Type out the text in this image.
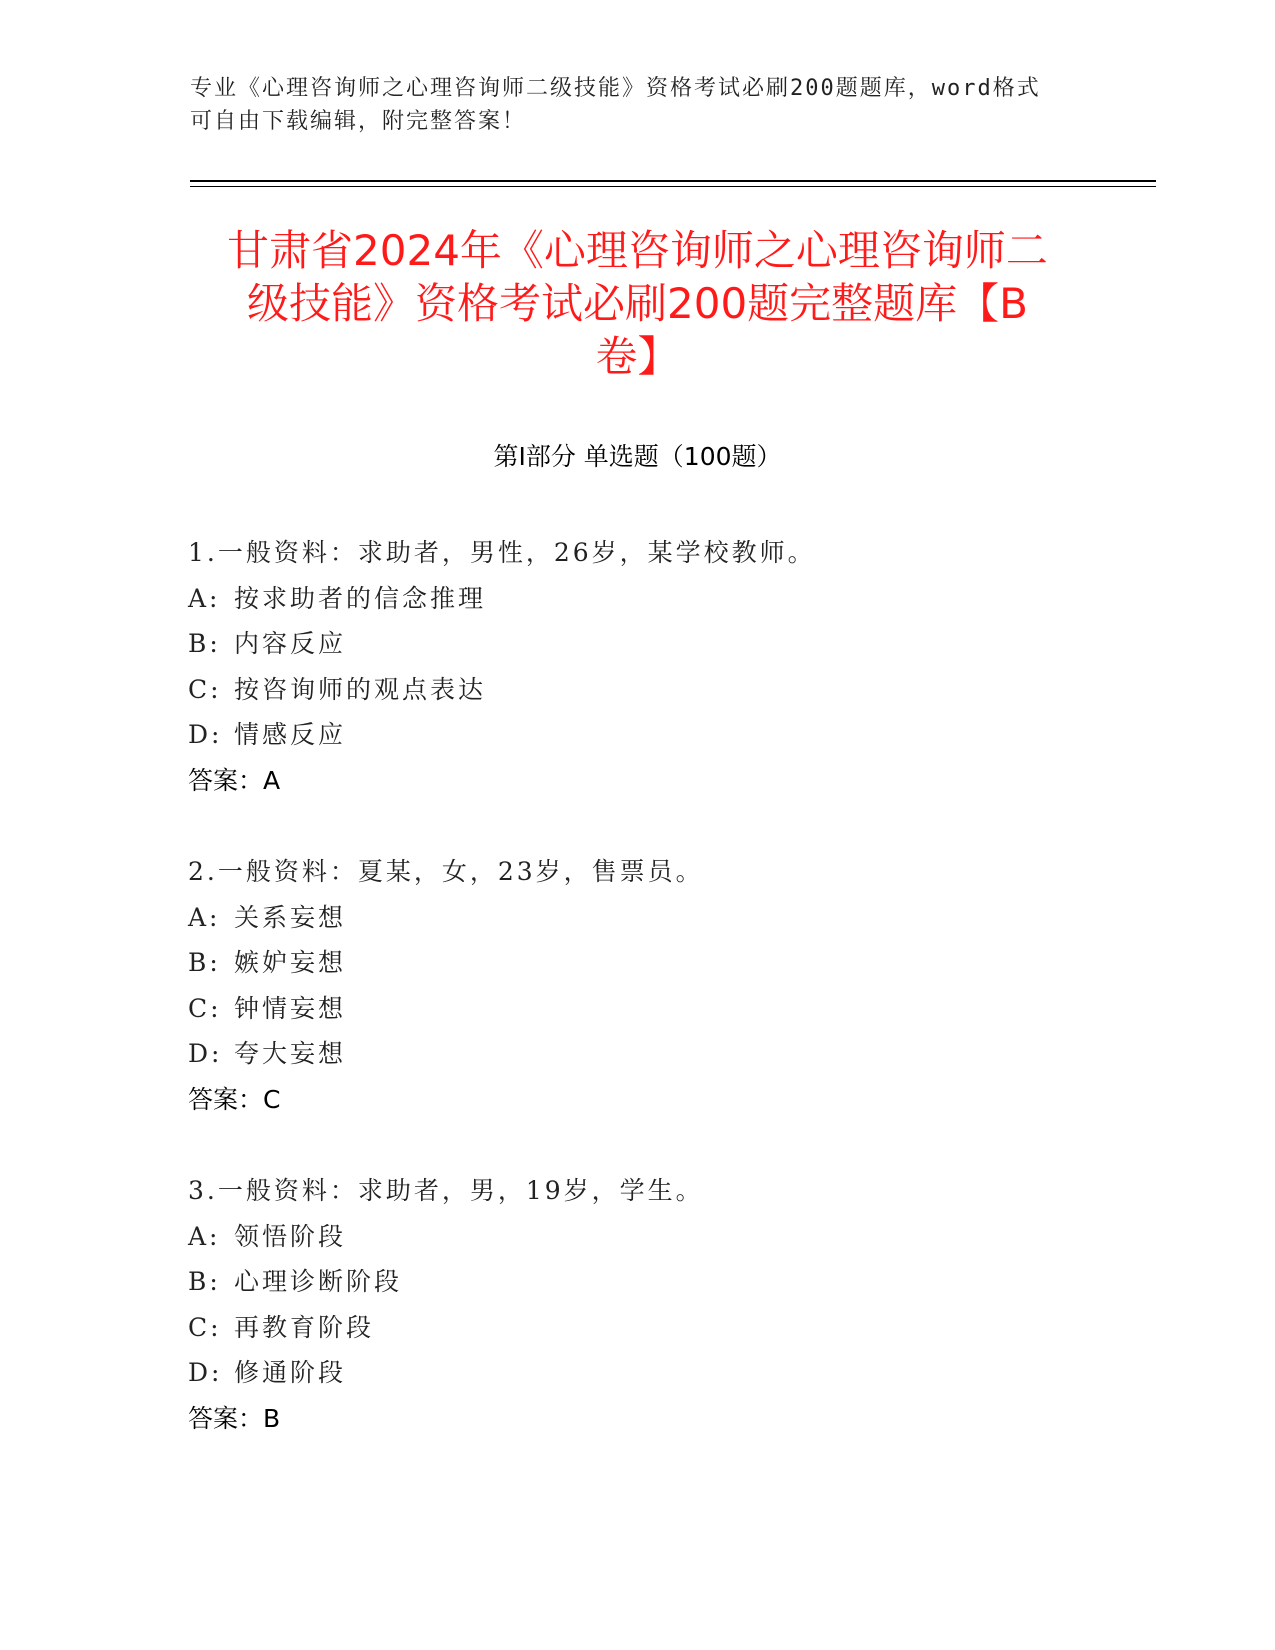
专业《心理咨询师之心理咨询师二级技能》资格考试必刷200题题库，word格式
可自由下载编辑，附完整答案！
甘肃省2024年《心理咨询师之心理咨询师二
级技能》资格考试必刷200题完整题库【B
卷】
第I部分 单选题（100题）
1.一般资料：求助者，男性，26岁，某学校教师。
A: 按求助者的信念推理
B: 内容反应
C: 按咨询师的观点表达
D: 情感反应
答案：A
2.一般资料：夏某，女，23岁，售票员。
A: 关系妄想
B: 嫉妒妄想
C: 钟情妄想
D: 夸大妄想
答案：C
3.一般资料：求助者，男，19岁，学生。
A: 领悟阶段
B: 心理诊断阶段
C: 再教育阶段
D: 修通阶段
答案：B
